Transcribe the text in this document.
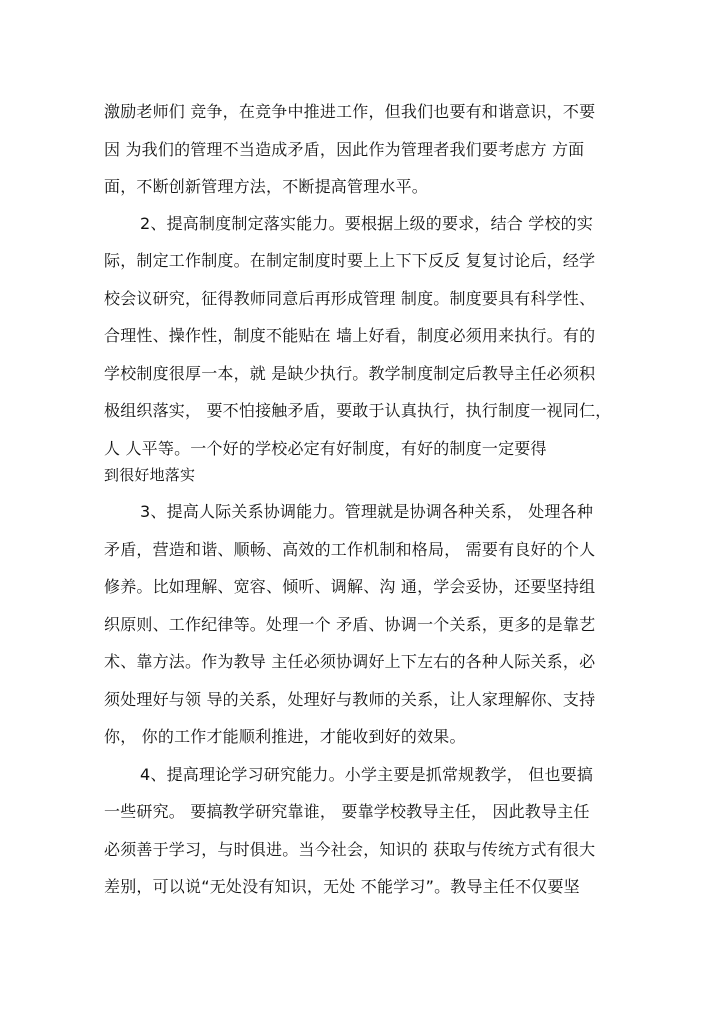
激励老师们 竞争，在竞争中推进工作，但我们也要有和谐意识，不要
因 为我们的管理不当造成矛盾，因此作为管理者我们要考虑方 方面
面，不断创新管理方法，不断提高管理水平。
2、提高制度制定落实能力。要根据上级的要求，结合 学校的实
际，制定工作制度。在制定制度时要上上下下反反 复复讨论后，经学
校会议研究，征得教师同意后再形成管理 制度。制度要具有科学性、
合理性、操作性，制度不能贴在 墙上好看，制度必须用来执行。有的
学校制度很厚一本，就 是缺少执行。教学制度制定后教导主任必须积
极组织落实， 要不怕接触矛盾，要敢于认真执行，执行制度一视同仁，
人 人平等。一个好的学校必定有好制度，有好的制度一定要得
到很好地落实
3、提高人际关系协调能力。管理就是协调各种关系， 处理各种
矛盾，营造和谐、顺畅、高效的工作机制和格局， 需要有良好的个人
修养。比如理解、宽容、倾听、调解、沟 通，学会妥协，还要坚持组
织原则、工作纪律等。处理一个 矛盾、协调一个关系，更多的是靠艺
术、靠方法。作为教导 主任必须协调好上下左右的各种人际关系，必
须处理好与领 导的关系，处理好与教师的关系，让人家理解你、支持
你， 你的工作才能顺利推进，才能收到好的效果。
4、提高理论学习研究能力。小学主要是抓常规教学， 但也要搞
一些研究。 要搞教学研究靠谁， 要靠学校教导主任， 因此教导主任
必须善于学习，与时俱进。当今社会，知识的 获取与传统方式有很大
差别，可以说“无处没有知识，无处 不能学习”。教导主任不仅要坚
